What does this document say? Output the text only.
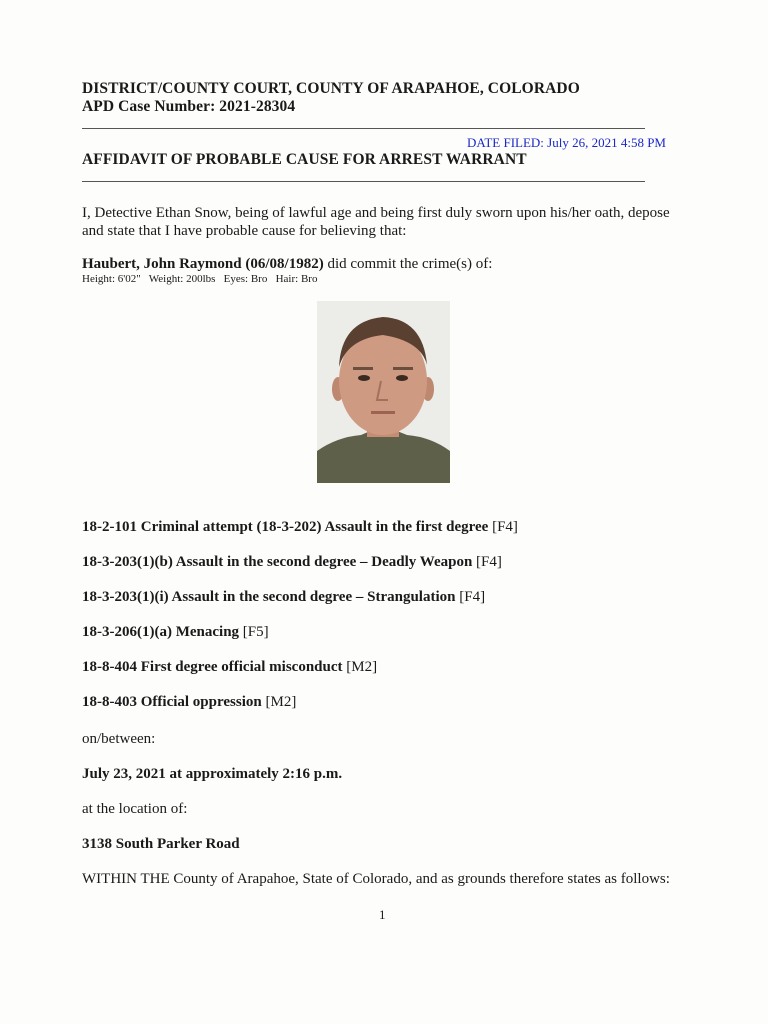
DISTRICT/COUNTY COURT, COUNTY OF ARAPAHOE, COLORADO
APD Case Number: 2021-28304
DATE FILED: July 26, 2021 4:58 PM
AFFIDAVIT OF PROBABLE CAUSE FOR ARREST WARRANT
I, Detective Ethan Snow, being of lawful age and being first duly sworn upon his/her oath, depose
and state that I have probable cause for believing that:
Haubert, John Raymond (06/08/1982) did commit the crime(s) of:
Height: 6'02"   Weight: 200lbs   Eyes: Bro   Hair: Bro
18-2-101 Criminal attempt (18-3-202) Assault in the first degree [F4]
18-3-203(1)(b) Assault in the second degree – Deadly Weapon [F4]
18-3-203(1)(i) Assault in the second degree – Strangulation [F4]
18-3-206(1)(a) Menacing [F5]
18-8-404 First degree official misconduct [M2]
18-8-403 Official oppression [M2]
on/between:
July 23, 2021 at approximately 2:16 p.m.
at the location of:
3138 South Parker Road
WITHIN THE County of Arapahoe, State of Colorado, and as grounds therefore states as follows:
1
